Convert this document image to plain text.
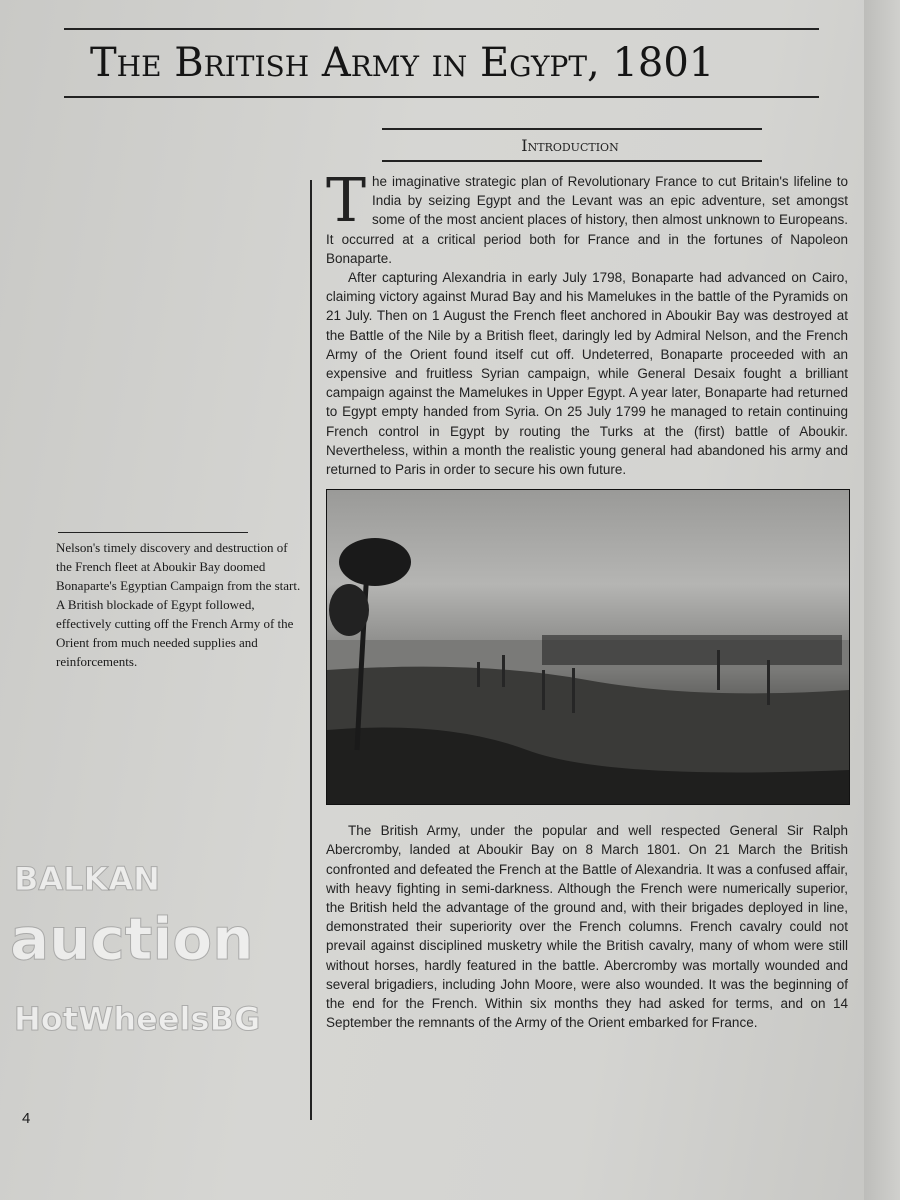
The British Army in Egypt, 1801
Introduction

The imaginative strategic plan of Revolutionary France to cut Britain's lifeline to India by seizing Egypt and the Levant was an epic adventure, set amongst some of the most ancient places of history, then almost unknown to Europeans. It occurred at a critical period both for France and in the fortunes of Napoleon Bonaparte.

After capturing Alexandria in early July 1798, Bonaparte had advanced on Cairo, claiming victory against Murad Bay and his Mamelukes in the battle of the Pyramids on 21 July. Then on 1 August the French fleet anchored in Aboukir Bay was destroyed at the Battle of the Nile by a British fleet, daringly led by Admiral Nelson, and the French Army of the Orient found itself cut off. Undeterred, Bonaparte proceeded with an expensive and fruitless Syrian campaign, while General Desaix fought a brilliant campaign against the Mamelukes in Upper Egypt. A year later, Bonaparte had returned to Egypt empty handed from Syria. On 25 July 1799 he managed to retain continuing French control in Egypt by routing the Turks at the (first) battle of Aboukir. Nevertheless, within a month the realistic young general had abandoned his army and returned to Paris in order to secure his own future.

The British Army, under the popular and well respected General Sir Ralph Abercromby, landed at Aboukir Bay on 8 March 1801. On 21 March the British confronted and defeated the French at the Battle of Alexandria. It was a confused affair, with heavy fighting in semi-darkness. Although the French were numerically superior, the British held the advantage of the ground and, with their brigades deployed in line, demonstrated their superiority over the French columns. French cavalry could not prevail against disciplined musketry while the British cavalry, many of whom were still without horses, hardly featured in the battle. Abercromby was mortally wounded and several brigadiers, including John Moore, were also wounded. It was the beginning of the end for the French. Within six months they had asked for terms, and on 14 September the remnants of the Army of the Orient embarked for France.

Nelson's timely discovery and destruction of the French fleet at Aboukir Bay doomed Bonaparte's Egyptian Campaign from the start. A British blockade of Egypt followed, effectively cutting off the French Army of the Orient from much needed supplies and reinforcements.
BALKAN
auction
HotWheelsBG
4
